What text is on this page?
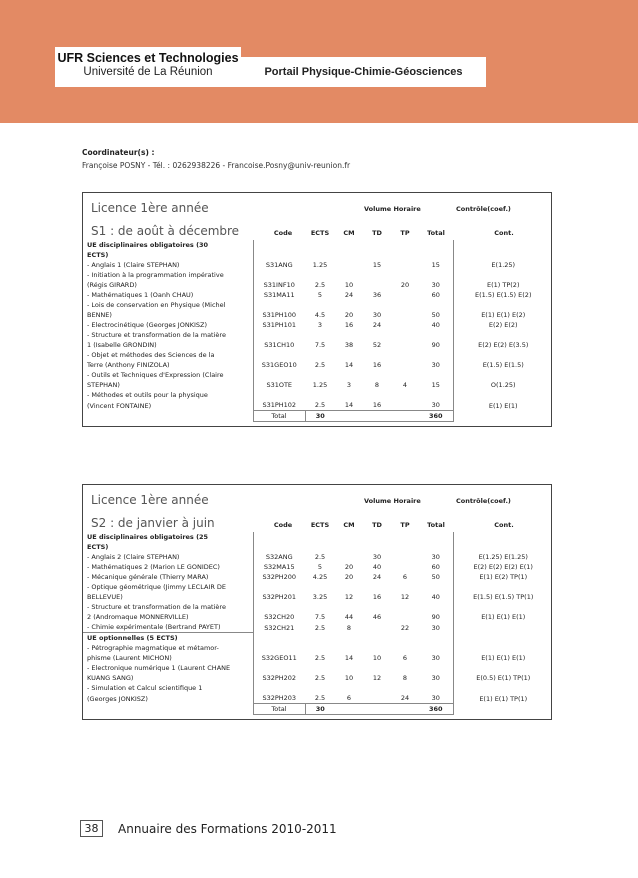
UFR Sciences et Technologies
Université de La Réunion	Portail Physique-Chimie-Géosciences
Coordinateur(s) :
Françoise POSNY - Tél. : 0262938226 - Francoise.Posny@univ-reunion.fr
Licence 1ère année
S1 : de août à décembre
Volume Horaire	Contrôle(coef.)
Code	ECTS	CM	TD	TP	Total	Cont.
UE disciplinaires obligatoires (30							
ECTS)							
- Anglais 1 (Claire STEPHAN)	S31ANG	1.25		15		15	E(1.25)
- Initiation à la programmation impérative							
(Régis GIRARD)	S31INF10	2.5	10		20	30	E(1) TP(2)
- Mathématiques 1 (Oanh CHAU)	S31MA11	5	24	36		60	E(1.5) E(1.5) E(2)
- Lois de conservation en Physique (Michel							
BENNE)	S31PH100	4.5	20	30		50	E(1) E(1) E(2)
- Electrocinétique (Georges JONKISZ)	S31PH101	3	16	24		40	E(2) E(2)
- Structure et transformation de la matière							
1 (Isabelle GRONDIN)	S31CH10	7.5	38	52		90	E(2) E(2) E(3.5)
- Objet et méthodes des Sciences de la							
Terre (Anthony FINIZOLA)	S31GEO10	2.5	14	16		30	E(1.5) E(1.5)
- Outils et Techniques d'Expression (Claire							
STEPHAN)	S31OTE	1.25	3	8	4	15	O(1.25)
- Méthodes et outils pour la physique							
(Vincent FONTAINE)	S31PH102	2.5	14	16		30	E(1) E(1)
	Total	30				360	

Licence 1ère année
S2 : de janvier à juin
Volume Horaire	Contrôle(coef.)
Code	ECTS	CM	TD	TP	Total	Cont.
UE disciplinaires obligatoires (25							
ECTS)							
- Anglais 2 (Claire STEPHAN)	S32ANG	2.5		30		30	E(1.25) E(1.25)
- Mathématiques 2 (Marion LE GONIDEC)	S32MA15	5	20	40		60	E(2) E(2) E(2) E(1)
- Mécanique générale (Thierry MARA)	S32PH200	4.25	20	24	6	50	E(1) E(2) TP(1)
- Optique géométrique (Jimmy LECLAIR DE							
BELLEVUE)	S32PH201	3.25	12	16	12	40	E(1.5) E(1.5) TP(1)
- Structure et transformation de la matière							
2 (Andromaque MONNERVILLE)	S32CH20	7.5	44	46		90	E(1) E(1) E(1)
- Chimie expérimentale (Bertrand PAYET)	S32CH21	2.5	8		22	30	
UE optionnelles (5 ECTS)							
- Pétrographie magmatique et métamor-							
phisme (Laurent MICHON)	S32GEO11	2.5	14	10	6	30	E(1) E(1) E(1)
- Electronique numérique 1 (Laurent CHANE							
KUANG SANG)	S32PH202	2.5	10	12	8	30	E(0.5) E(1) TP(1)
- Simulation et Calcul scientifique 1							
(Georges JONKISZ)	S32PH203	2.5	6		24	30	E(1) E(1) TP(1)
	Total	30				360	

38	Annuaire des Formations 2010-2011
